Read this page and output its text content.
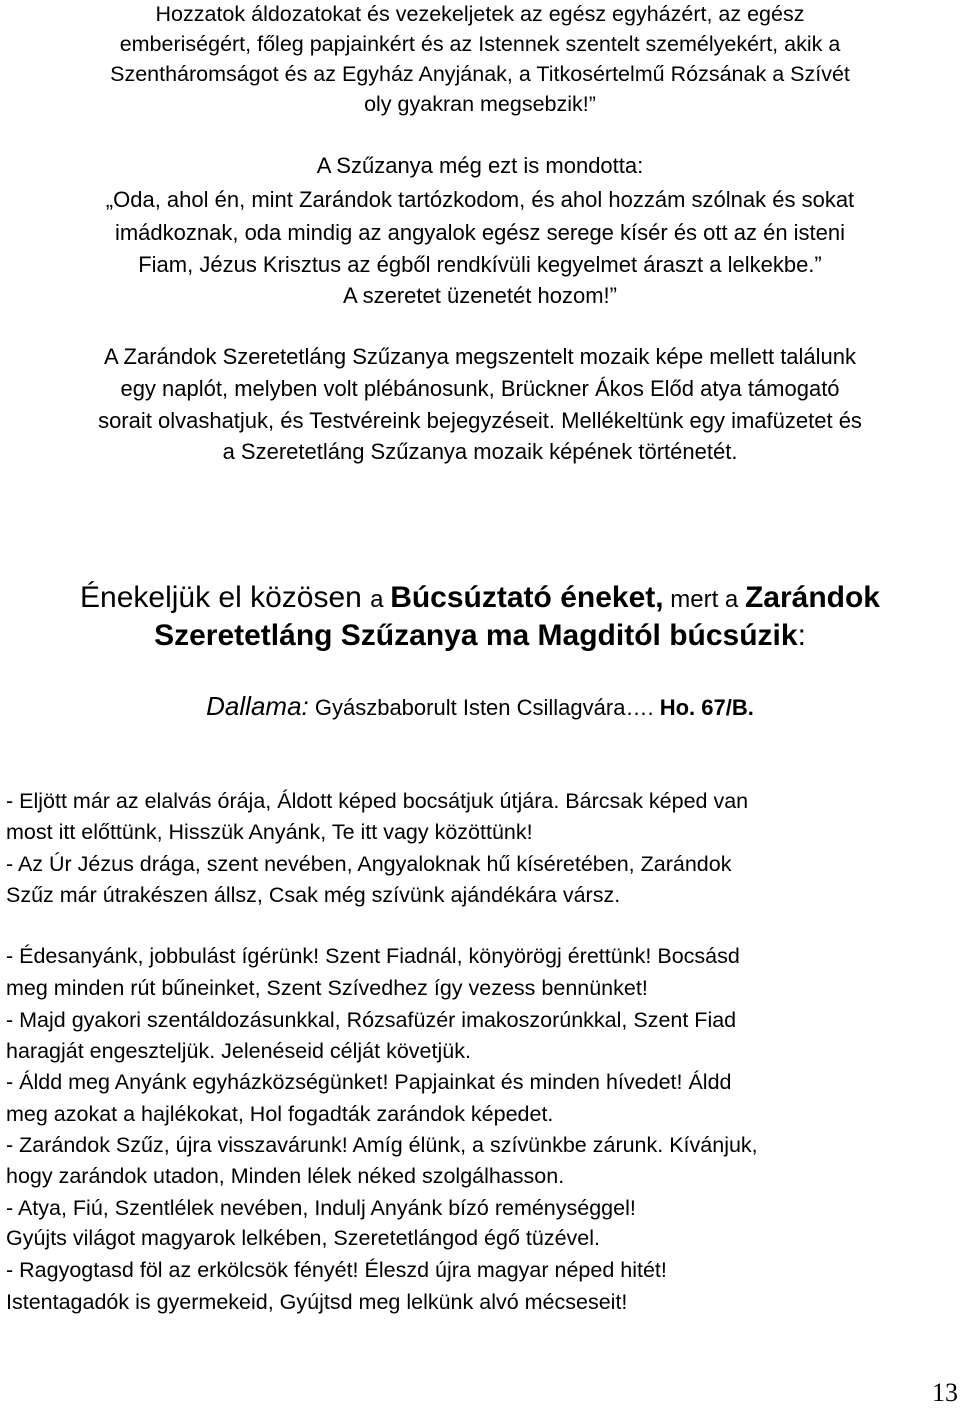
Hozzatok áldozatokat és vezekeljetek az egész egyházért, az egész

emberiségért, főleg papjainkért és az Istennek szentelt személyekért, akik a

Szentháromságot és az Egyház Anyjának, a Titkosértelmű Rózsának a Szívét

oly gyakran megsebzik!”

A Szűzanya még ezt is mondotta:

„Oda, ahol én, mint Zarándok tartózkodom, és ahol hozzám szólnak és sokat

imádkoznak, oda mindig az angyalok egész serege kísér és ott az én isteni

Fiam, Jézus Krisztus az égből rendkívüli kegyelmet áraszt a lelkekbe.”

A szeretet üzenetét hozom!”

A Zarándok Szeretetláng Szűzanya megszentelt mozaik képe mellett találunk

egy naplót, melyben volt plébánosunk, Brückner Ákos Előd atya támogató

sorait olvashatjuk, és Testvéreink bejegyzéseit. Mellékeltünk egy imafüzetet és

a Szeretetláng Szűzanya mozaik képének történetét.

Énekeljük el közösen a Búcsúztató éneket, mert a Zarándok

Szeretetláng Szűzanya ma Magditól búcsúzik:

Dallama: Gyászbaborult Isten Csillagvára…. Ho. 67/B.

- Eljött már az elalvás órája, Áldott képed bocsátjuk útjára. Bárcsak képed van

most itt előttünk, Hisszük Anyánk, Te itt vagy közöttünk!

- Az Úr Jézus drága, szent nevében, Angyaloknak hű kíséretében, Zarándok

Szűz már útrakészen állsz, Csak még szívünk ajándékára vársz.

- Édesanyánk, jobbulást ígérünk! Szent Fiadnál, könyörögj érettünk! Bocsásd

meg minden rút bűneinket, Szent Szívedhez így vezess bennünket!

- Majd gyakori szentáldozásunkkal, Rózsafüzér imakoszorúnkkal, Szent Fiad

haragját engeszteljük. Jelenéseid célját követjük.

- Áldd meg Anyánk egyházközségünket! Papjainkat és minden hívedet! Áldd

meg azokat a hajlékokat, Hol fogadták zarándok képedet.

- Zarándok Szűz, újra visszavárunk! Amíg élünk, a szívünkbe zárunk. Kívánjuk,

hogy zarándok utadon, Minden lélek néked szolgálhasson.

- Atya, Fiú, Szentlélek nevében, Indulj Anyánk bízó reménységgel!

Gyújts világot magyarok lelkében, Szeretetlángod égő tüzével.

- Ragyogtasd föl az erkölcsök fényét! Éleszd újra magyar néped hitét!

Istentagadók is gyermekeid, Gyújtsd meg lelkünk alvó mécseseit!

13
